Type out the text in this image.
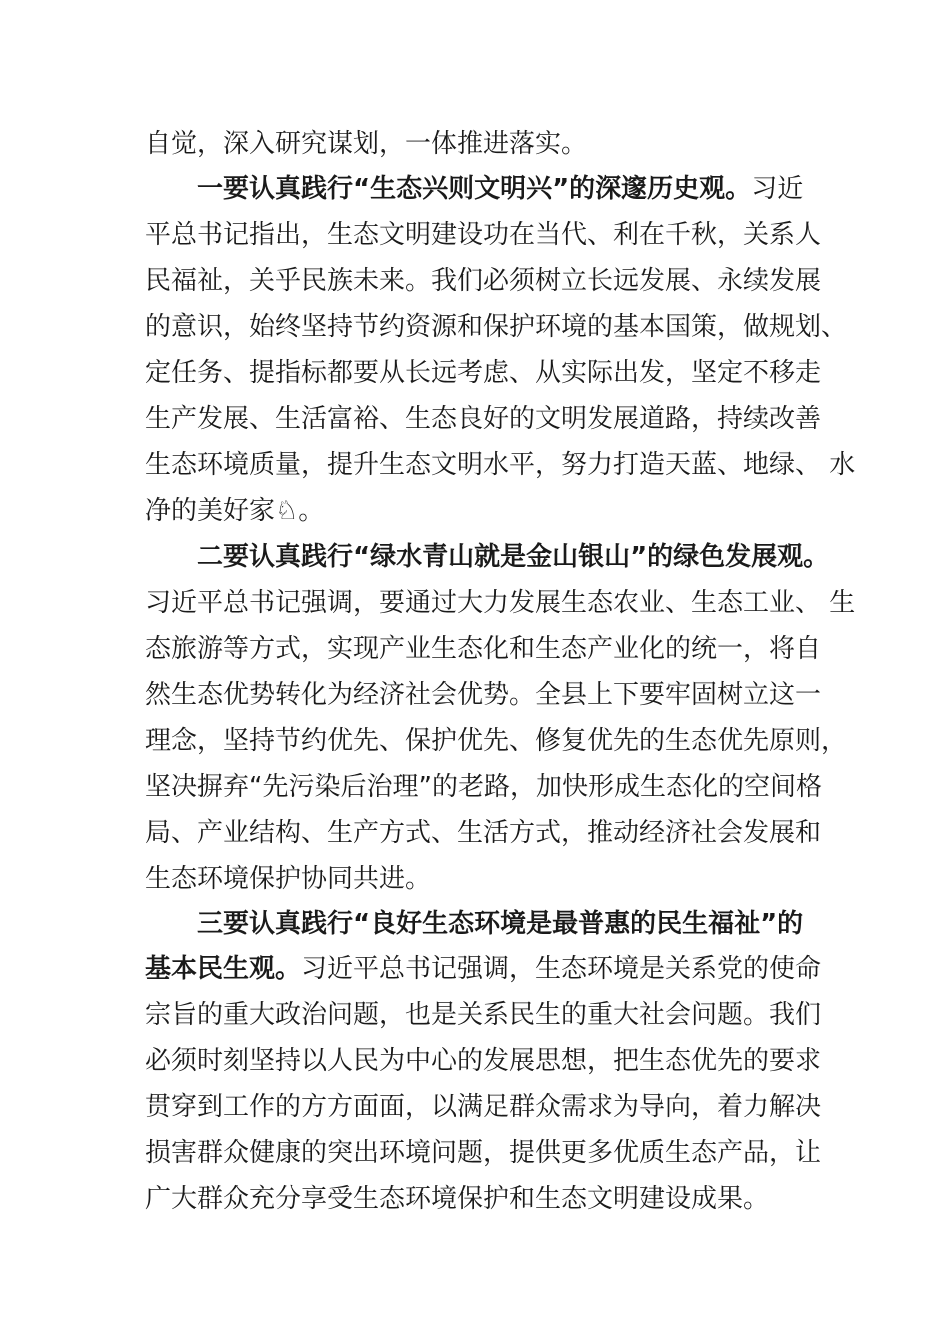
自觉，深入研究谋划，一体推进落实。
一要认真践行“生态兴则文明兴”的深邃历史观。习近
平总书记指出，生态文明建设功在当代、利在千秋，关系人
民福祉，关乎民族未来。我们必须树立长远发展、永续发展
的意识，始终坚持节约资源和保护环境的基本国策，做规划、
定任务、提指标都要从长远考虑、从实际出发，坚定不移走
生产发展、生活富裕、生态良好的文明发展道路，持续改善
生态环境质量，提升生态文明水平，努力打造天蓝、地绿、 水
净的美好家♘。
二要认真践行“绿水青山就是金山银山”的绿色发展观。
习近平总书记强调，要通过大力发展生态农业、生态工业、 生
态旅游等方式，实现产业生态化和生态产业化的统一，将自
然生态优势转化为经济社会优势。全县上下要牢固树立这一
理念，坚持节约优先、保护优先、修复优先的生态优先原则，
坚决摒弃“先污染后治理”的老路，加快形成生态化的空间格
局、产业结构、生产方式、生活方式，推动经济社会发展和
生态环境保护协同共进。
三要认真践行“良好生态环境是最普惠的民生福祉”的
基本民生观。习近平总书记强调，生态环境是关系党的使命
宗旨的重大政治问题，也是关系民生的重大社会问题。我们
必须时刻坚持以人民为中心的发展思想，把生态优先的要求
贯穿到工作的方方面面，以满足群众需求为导向，着力解决
损害群众健康的突出环境问题，提供更多优质生态产品，让
广大群众充分享受生态环境保护和生态文明建设成果。
